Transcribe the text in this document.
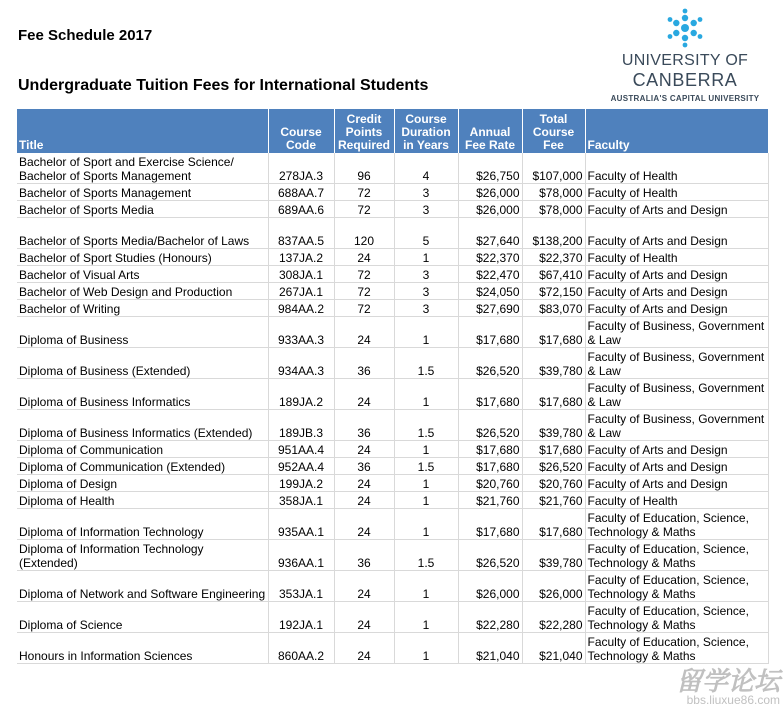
Fee Schedule 2017
Undergraduate Tuition Fees for International Students
UNIVERSITY OF
CANBERRA
AUSTRALIA'S CAPITAL UNIVERSITY
Title	Course Code	Credit Points Required	Course Duration in Years	Annual Fee Rate	Total Course Fee	Faculty
Bachelor of Sport and Exercise Science/ Bachelor of Sports Management	278JA.3	96	4	$26,750	$107,000	Faculty of Health
Bachelor of Sports Management	688AA.7	72	3	$26,000	$78,000	Faculty of Health
Bachelor of Sports Media	689AA.6	72	3	$26,000	$78,000	Faculty of Arts and Design
Bachelor of Sports Media/Bachelor of Laws	837AA.5	120	5	$27,640	$138,200	Faculty of Arts and Design
Bachelor of Sport Studies (Honours)	137JA.2	24	1	$22,370	$22,370	Faculty of Health
Bachelor of Visual Arts	308JA.1	72	3	$22,470	$67,410	Faculty of Arts and Design
Bachelor of Web Design and Production	267JA.1	72	3	$24,050	$72,150	Faculty of Arts and Design
Bachelor of Writing	984AA.2	72	3	$27,690	$83,070	Faculty of Arts and Design
Diploma of Business	933AA.3	24	1	$17,680	$17,680	Faculty of Business, Government & Law
Diploma of Business (Extended)	934AA.3	36	1.5	$26,520	$39,780	Faculty of Business, Government & Law
Diploma of Business Informatics	189JA.2	24	1	$17,680	$17,680	Faculty of Business, Government & Law
Diploma of Business Informatics (Extended)	189JB.3	36	1.5	$26,520	$39,780	Faculty of Business, Government & Law
Diploma of Communication	951AA.4	24	1	$17,680	$17,680	Faculty of Arts and Design
Diploma of Communication (Extended)	952AA.4	36	1.5	$17,680	$26,520	Faculty of Arts and Design
Diploma of Design	199JA.2	24	1	$20,760	$20,760	Faculty of Arts and Design
Diploma of Health	358JA.1	24	1	$21,760	$21,760	Faculty of Health
Diploma of Information Technology	935AA.1	24	1	$17,680	$17,680	Faculty of Education, Science, Technology & Maths
Diploma of Information Technology (Extended)	936AA.1	36	1.5	$26,520	$39,780	Faculty of Education, Science, Technology & Maths
Diploma of Network and Software Engineering	353JA.1	24	1	$26,000	$26,000	Faculty of Education, Science, Technology & Maths
Diploma of Science	192JA.1	24	1	$22,280	$22,280	Faculty of Education, Science, Technology & Maths
Honours in Information Sciences	860AA.2	24	1	$21,040	$21,040	Faculty of Education, Science, Technology & Maths
留学论坛
bbs.liuxue86.com
